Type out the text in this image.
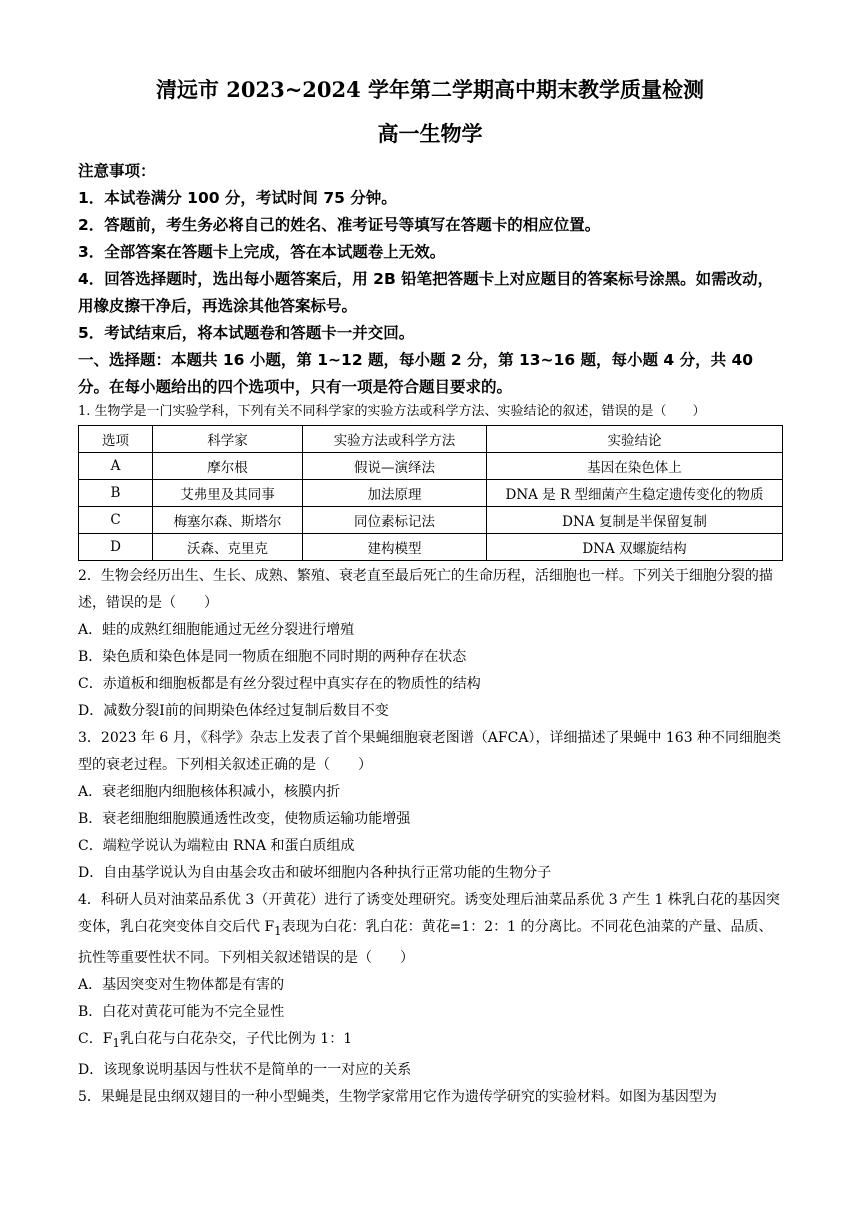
清远市 2023~2024 学年第二学期高中期末教学质量检测
高一生物学

注意事项：

1．本试卷满分 100 分，考试时间 75 分钟。

2．答题前，考生务必将自己的姓名、准考证号等填写在答题卡的相应位置。

3．全部答案在答题卡上完成，答在本试题卷上无效。

4．回答选择题时，选出每小题答案后，用 2B 铅笔把答题卡上对应题目的答案标号涂黑。如需改动，用橡皮擦干净后，再选涂其他答案标号。

5．考试结束后，将本试题卷和答题卡一并交回。

一、选择题：本题共 16 小题，第 1~12 题，每小题 2 分，第 13~16 题，每小题 4 分，共 40 分。在每小题给出的四个选项中，只有一项是符合题目要求的。

1. 生物学是一门实验学科，下列有关不同科学家的实验方法或科学方法、实验结论的叙述，错误的是（　　）

选项	科学家	实验方法或科学方法	实验结论
A	摩尔根	假说—演绎法	基因在染色体上
B	艾弗里及其同事	加法原理	DNA 是 R 型细菌产生稳定遗传变化的物质
C	梅塞尔森、斯塔尔	同位素标记法	DNA 复制是半保留复制
D	沃森、克里克	建构模型	DNA 双螺旋结构

2．生物会经历出生、生长、成熟、繁殖、衰老直至最后死亡的生命历程，活细胞也一样。下列关于细胞分裂的描述，错误的是（　　）

A．蛙的成熟红细胞能通过无丝分裂进行增殖

B．染色质和染色体是同一物质在细胞不同时期的两种存在状态

C．赤道板和细胞板都是有丝分裂过程中真实存在的物质性的结构

D．减数分裂Ⅰ前的间期染色体经过复制后数目不变

3．2023 年 6 月，《科学》杂志上发表了首个果蝇细胞衰老图谱（AFCA），详细描述了果蝇中 163 种不同细胞类型的衰老过程。下列相关叙述正确的是（　　）

A．衰老细胞内细胞核体积减小，核膜内折

B．衰老细胞细胞膜通透性改变，使物质运输功能增强

C．端粒学说认为端粒由 RNA 和蛋白质组成

D．自由基学说认为自由基会攻击和破坏细胞内各种执行正常功能的生物分子

4．科研人员对油菜品系优 3（开黄花）进行了诱变处理研究。诱变处理后油菜品系优 3 产生 1 株乳白花的基因突变体，乳白花突变体自交后代 $F_1$表现为白花：乳白花：黄花=1：2：1 的分离比。不同花色油菜的产量、品质、抗性等重要性状不同。下列相关叙述错误的是（　　）

A．基因突变对生物体都是有害的

B．白花对黄花可能为不完全显性

C．$F_1$乳白花与白花杂交，子代比例为 1：1

D．该现象说明基因与性状不是简单的一一对应的关系

5．果蝇是昆虫纲双翅目的一种小型蝇类，生物学家常用它作为遗传学研究的实验材料。如图为基因型为
